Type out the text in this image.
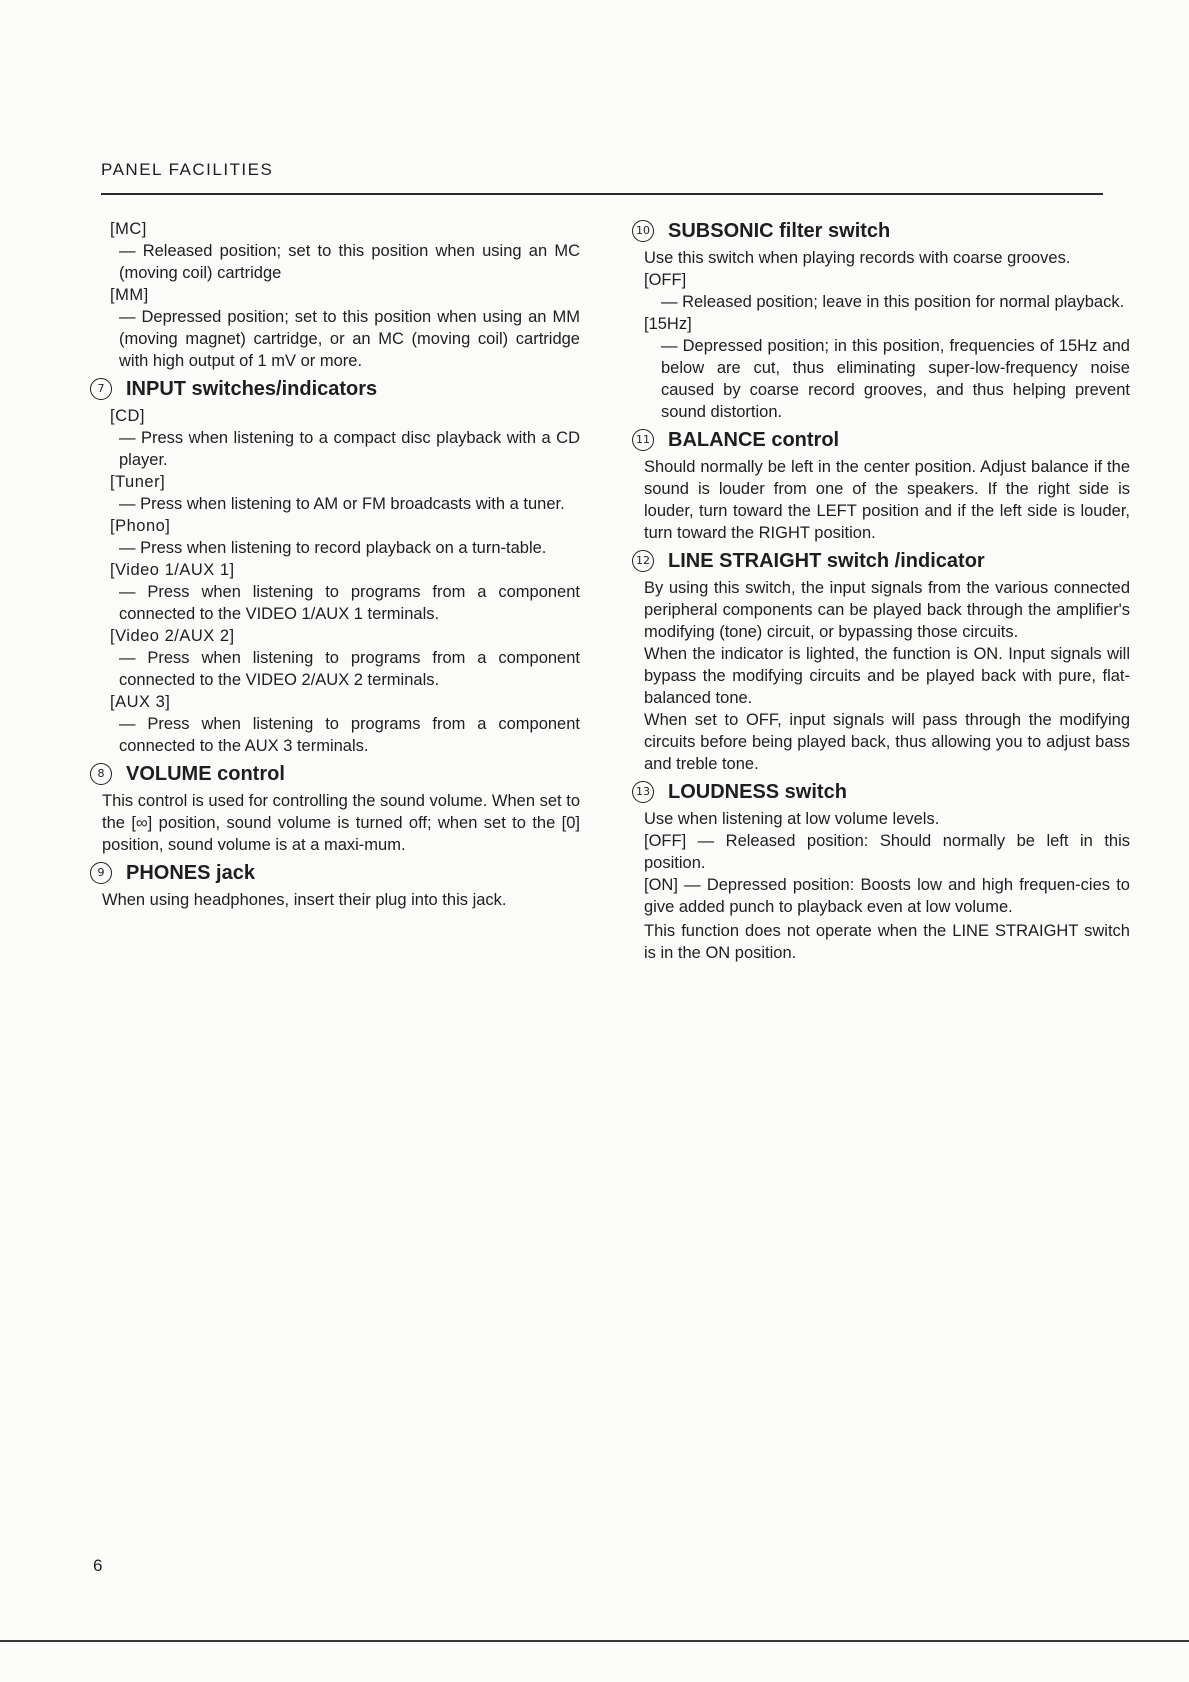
PANEL FACILITIES
[MC]
— Released position; set to this position when using an MC (moving coil) cartridge
[MM]
— Depressed position; set to this position when using an MM (moving magnet) cartridge, or an MC (moving coil) cartridge with high output of 1 mV or more.
7	INPUT switches/indicators
[CD]
— Press when listening to a compact disc playback with a CD player.
[Tuner]
— Press when listening to AM or FM broadcasts with a tuner.
[Phono]
— Press when listening to record playback on a turn-table.
[Video 1/AUX 1]
— Press when listening to programs from a component connected to the VIDEO 1/AUX 1 terminals.
[Video 2/AUX 2]
— Press when listening to programs from a component connected to the VIDEO 2/AUX 2 terminals.
[AUX 3]
— Press when listening to programs from a component connected to the AUX 3 terminals.
8	VOLUME control
This control is used for controlling the sound volume. When set to the [∞] position, sound volume is turned off; when set to the [0] position, sound volume is at a maxi-mum.
9	PHONES jack
When using headphones, insert their plug into this jack.
10 SUBSONIC filter switch
Use this switch when playing records with coarse grooves.
[OFF]
— Released position; leave in this position for normal playback.
[15Hz]
— Depressed position; in this position, frequencies of 15Hz and below are cut, thus eliminating super-low-frequency noise caused by coarse record grooves, and thus helping prevent sound distortion.
11 BALANCE control
Should normally be left in the center position. Adjust balance if the sound is louder from one of the speakers. If the right side is louder, turn toward the LEFT position and if the left side is louder, turn toward the RIGHT position.
12 LINE STRAIGHT switch /indicator
By using this switch, the input signals from the various connected peripheral components can be played back through the amplifier's modifying (tone) circuit, or bypassing those circuits.
When the indicator is lighted, the function is ON. Input signals will bypass the modifying circuits and be played back with pure, flat-balanced tone.
When set to OFF, input signals will pass through the modifying circuits before being played back, thus allowing you to adjust bass and treble tone.
13 LOUDNESS switch
Use when listening at low volume levels.
[OFF] — Released position: Should normally be left in this position.
[ON] — Depressed position: Boosts low and high frequen-cies to give added punch to playback even at low volume.
This function does not operate when the LINE STRAIGHT switch is in the ON position.
6
